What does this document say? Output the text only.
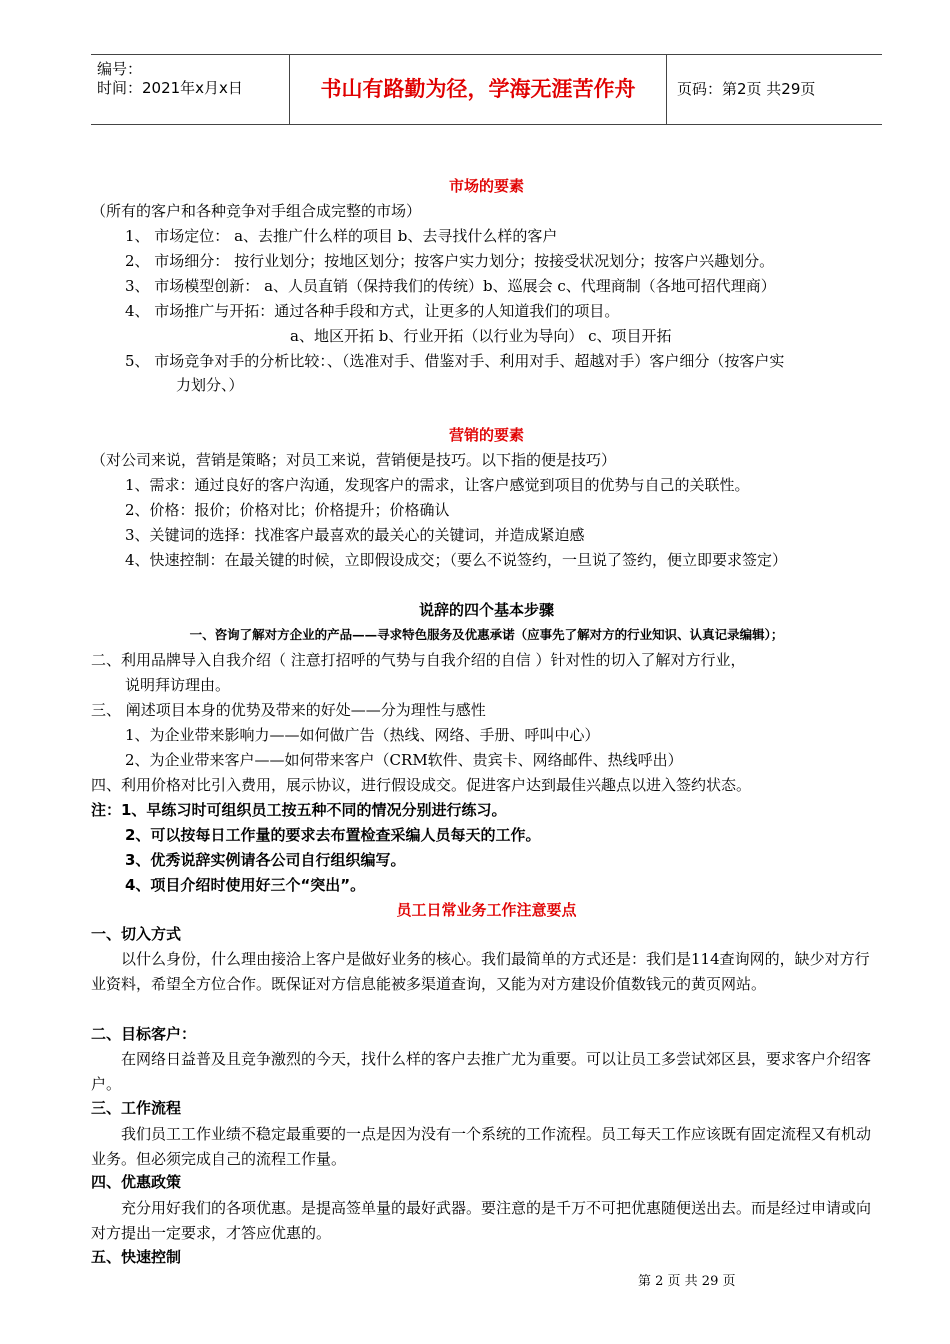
编号：
时间：2021年x月x日	书山有路勤为径，学海无涯苦作舟	页码：第2页 共29页
市场的要素
（所有的客户和各种竞争对手组合成完整的市场）
1、 市场定位： a、去推广什么样的项目 b、去寻找什么样的客户
2、 市场细分： 按行业划分；按地区划分；按客户实力划分；按接受状况划分；按客户兴趣划分。
3、 市场模型创新： a、人员直销（保持我们的传统）b、巡展会 c、代理商制（各地可招代理商）
4、 市场推广与开拓：通过各种手段和方式，让更多的人知道我们的项目。
a、地区开拓 b、行业开拓（以行业为导向） c、项目开拓
5、 市场竞争对手的分析比较：、（选准对手、借鉴对手、利用对手、超越对手）客户细分（按客户实
力划分、）
营销的要素
（对公司来说，营销是策略；对员工来说，营销便是技巧。以下指的便是技巧）
1、需求：通过良好的客户沟通，发现客户的需求，让客户感觉到项目的优势与自己的关联性。
2、价格：报价；价格对比；价格提升；价格确认
3、关键词的选择：找准客户最喜欢的最关心的关键词，并造成紧迫感
4、快速控制：在最关键的时候，立即假设成交；（要么不说签约，一旦说了签约，便立即要求签定）
说辞的四个基本步骤
一、咨询了解对方企业的产品——寻求特色服务及优惠承诺（应事先了解对方的行业知识、认真记录编辑）；
二、利用品牌导入自我介绍（ 注意打招呼的气势与自我介绍的自信 ）针对性的切入了解对方行业，
说明拜访理由。
三、 阐述项目本身的优势及带来的好处——分为理性与感性
1、为企业带来影响力——如何做广告（热线、网络、手册、呼叫中心）
2、为企业带来客户——如何带来客户（CRM软件、贵宾卡、网络邮件、热线呼出）
四、利用价格对比引入费用，展示协议，进行假设成交。促进客户达到最佳兴趣点以进入签约状态。
注：1、早练习时可组织员工按五种不同的情况分别进行练习。
2、可以按每日工作量的要求去布置检查采编人员每天的工作。
3、优秀说辞实例请各公司自行组织编写。
4、项目介绍时使用好三个“突出”。
员工日常业务工作注意要点
一、切入方式
以什么身份，什么理由接洽上客户是做好业务的核心。我们最简单的方式还是：我们是114查询网的，缺少对方行业资料，希望全方位合作。既保证对方信息能被多渠道查询，又能为对方建设价值数钱元的黄页网站。
二、目标客户：
在网络日益普及且竞争激烈的今天，找什么样的客户去推广尤为重要。可以让员工多尝试郊区县，要求客户介绍客户。
三、工作流程
我们员工工作业绩不稳定最重要的一点是因为没有一个系统的工作流程。员工每天工作应该既有固定流程又有机动业务。但必须完成自己的流程工作量。
四、优惠政策
充分用好我们的各项优惠。是提高签单量的最好武器。要注意的是千万不可把优惠随便送出去。而是经过申请或向对方提出一定要求，才答应优惠的。
五、快速控制
第 2 页 共 29 页
